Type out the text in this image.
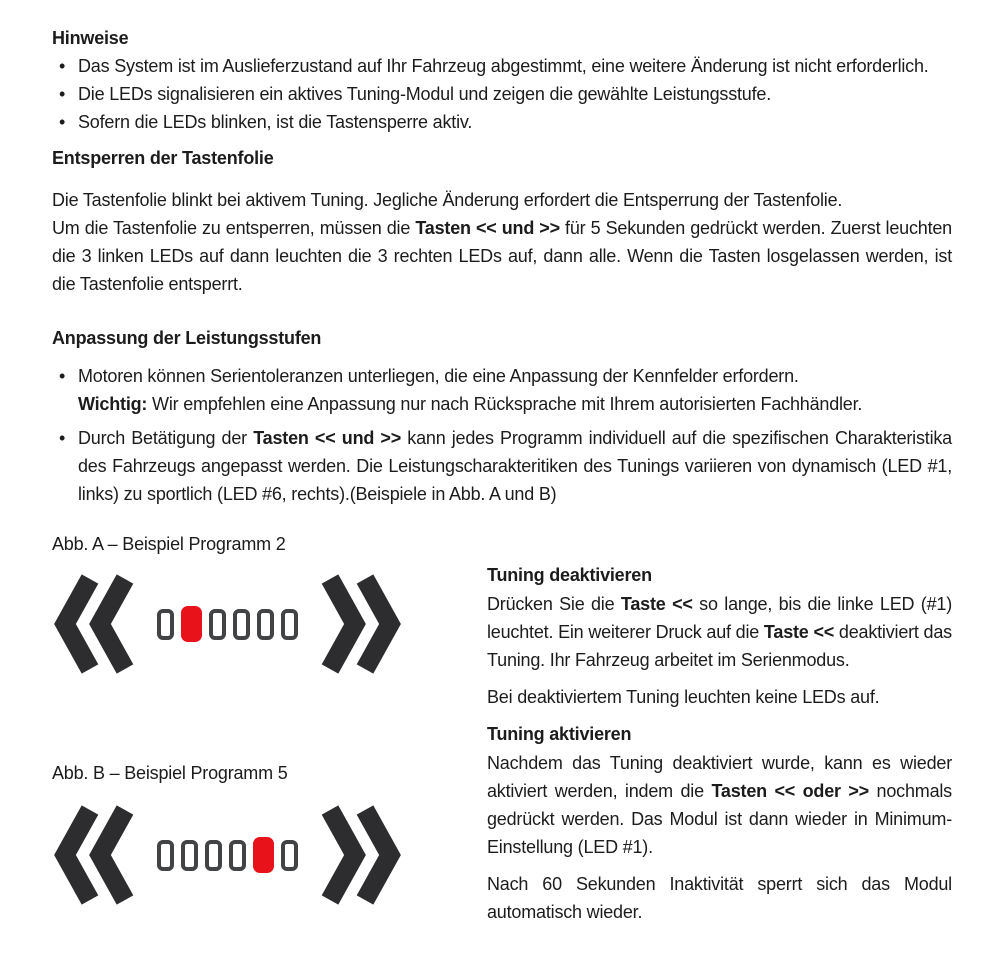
Hinweise

• Das System ist im Auslieferzustand auf Ihr Fahrzeug abgestimmt, eine weitere Änderung ist nicht erforderlich.
• Die LEDs signalisieren ein aktives Tuning-Modul und zeigen die gewählte Leistungsstufe.
• Sofern die LEDs blinken, ist die Tastensperre aktiv.

Entsperren der Tastenfolie

Die Tastenfolie blinkt bei aktivem Tuning. Jegliche Änderung erfordert die Entsperrung der Tastenfolie.

Um die Tastenfolie zu entsperren, müssen die Tasten << und >> für 5 Sekunden gedrückt werden. Zuerst leuchten die 3 linken LEDs auf dann leuchten die 3 rechten LEDs auf, dann alle. Wenn die Tasten losgelassen werden, ist die Tastenfolie entsperrt.

Anpassung der Leistungsstufen

• Motoren können Serientoleranzen unterliegen, die eine Anpassung der Kennfelder erfordern.
Wichtig: Wir empfehlen eine Anpassung nur nach Rücksprache mit Ihrem autorisierten Fachhändler.
• Durch Betätigung der Tasten << und >> kann jedes Programm individuell auf die spezifischen Charakteristika des Fahrzeugs angepasst werden. Die Leistungscharakteritiken des Tunings variieren von dynamisch (LED #1, links) zu sportlich (LED #6, rechts).(Beispiele in Abb. A und B)

Abb. A – Beispiel Programm 2

Abb. B – Beispiel Programm 5

Tuning deaktivieren

Drücken Sie die Taste << so lange, bis die linke LED (#1) leuchtet. Ein weiterer Druck auf die Taste << deaktiviert das Tuning. Ihr Fahrzeug arbeitet im Serienmodus.

Bei deaktiviertem Tuning leuchten keine LEDs auf.

Tuning aktivieren

Nachdem das Tuning deaktiviert wurde, kann es wieder aktiviert werden, indem die Tasten << oder >> nochmals gedrückt werden. Das Modul ist dann wieder in Minimum-Einstellung (LED #1).

Nach 60 Sekunden Inaktivität sperrt sich das Modul automatisch wieder.
